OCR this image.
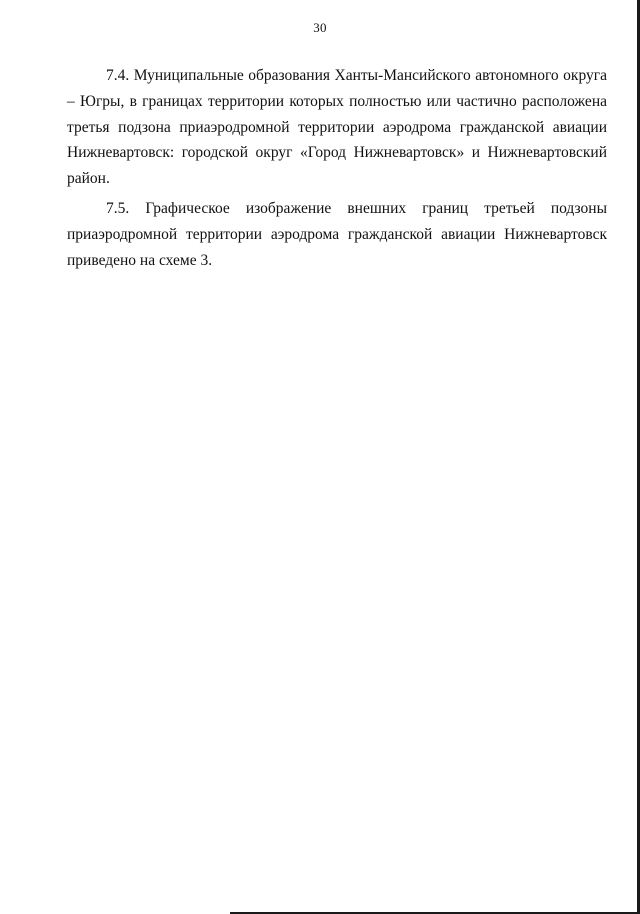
30

7.4. Муниципальные образования Ханты-Мансийского автономного округа – Югры, в границах территории которых полностью или частично расположена третья подзона приаэродромной территории аэродрома гражданской авиации Нижневартовск: городской округ «Город Нижневартовск» и Нижневартовский район.

7.5. Графическое изображение внешних границ третьей подзоны приаэродромной территории аэродрома гражданской авиации Нижневартовск приведено на схеме 3.
